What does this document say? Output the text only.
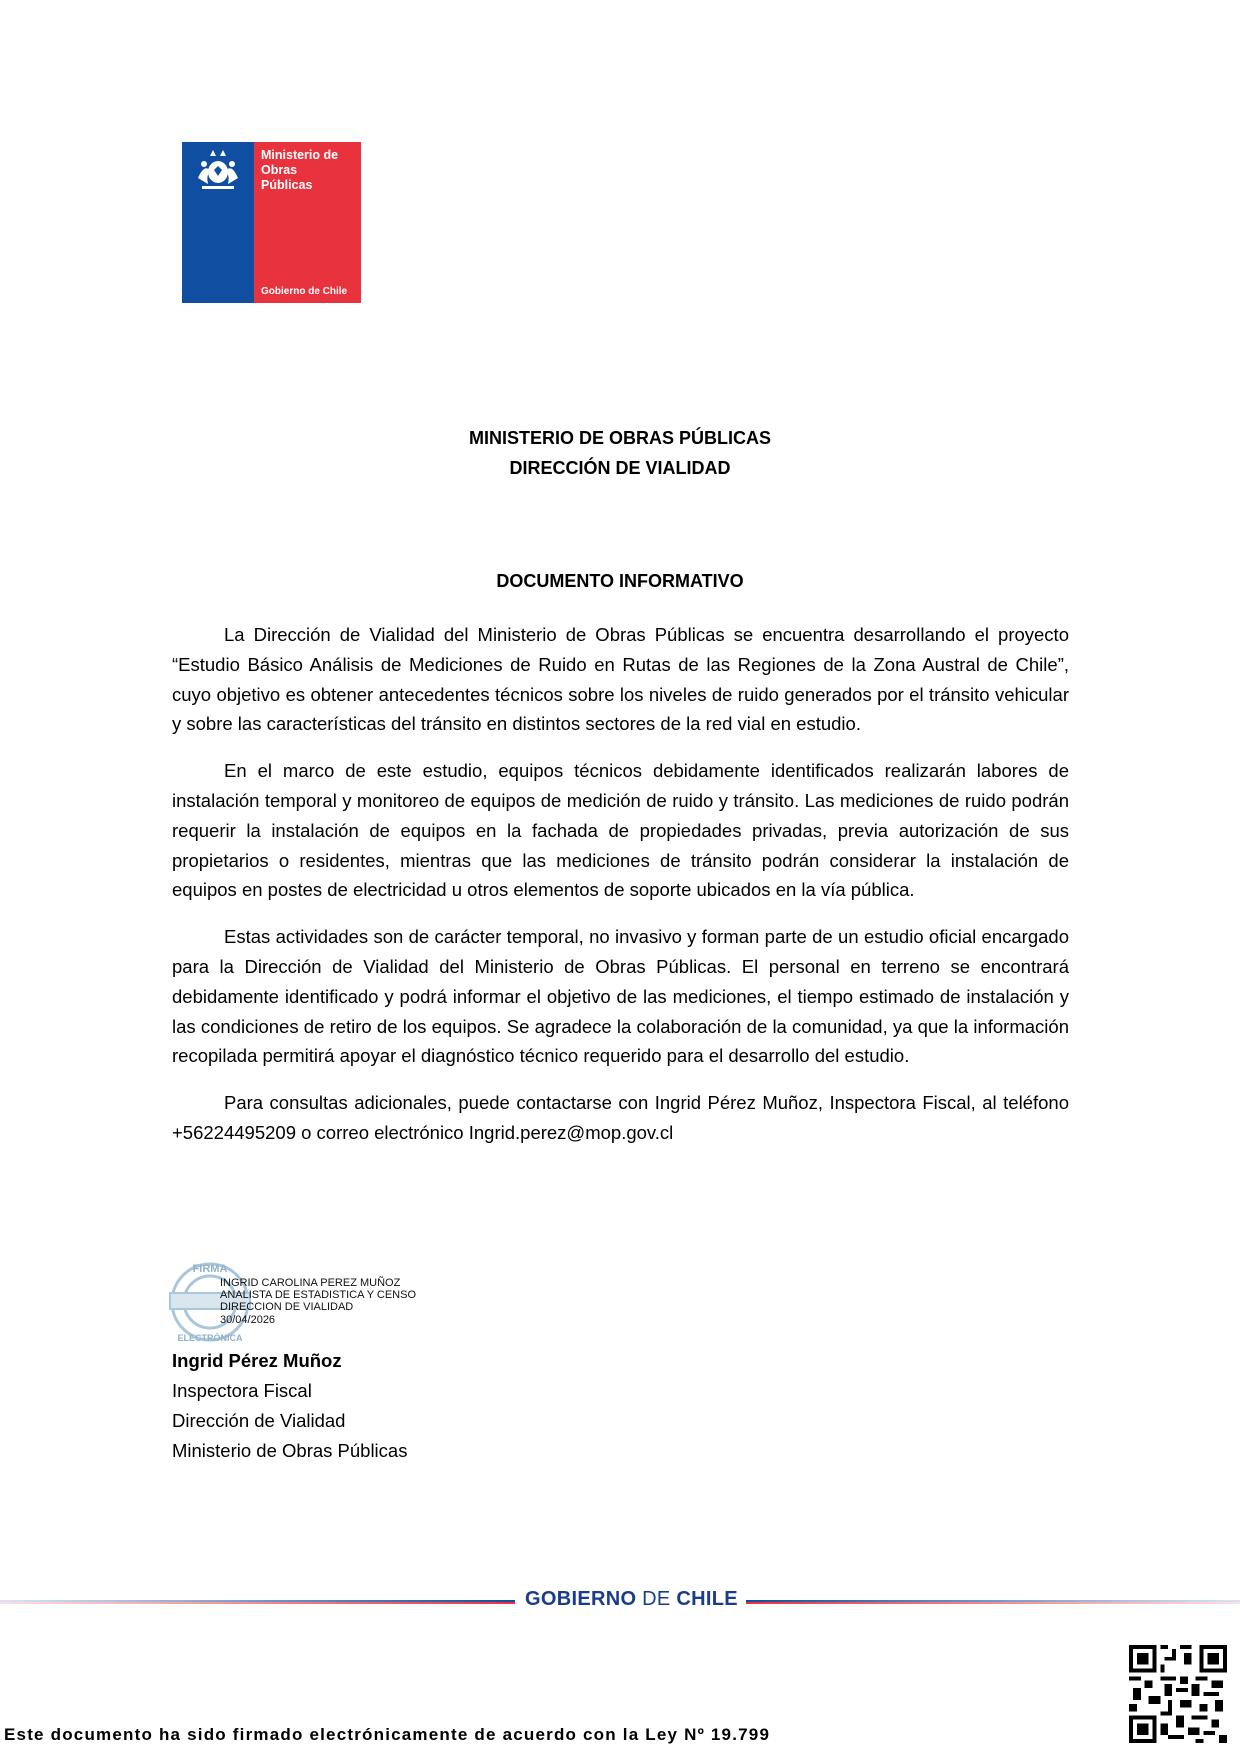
Ministerio de
Obras
Públicas
Gobierno de Chile
MINISTERIO DE OBRAS PÚBLICAS
DIRECCIÓN DE VIALIDAD
DOCUMENTO INFORMATIVO

La Dirección de Vialidad del Ministerio de Obras Públicas se encuentra desarrollando el proyecto “Estudio Básico Análisis de Mediciones de Ruido en Rutas de las Regiones de la Zona Austral de Chile”, cuyo objetivo es obtener antecedentes técnicos sobre los niveles de ruido generados por el tránsito vehicular y sobre las características del tránsito en distintos sectores de la red vial en estudio.

En el marco de este estudio, equipos técnicos debidamente identificados realizarán labores de instalación temporal y monitoreo de equipos de medición de ruido y tránsito. Las mediciones de ruido podrán requerir la instalación de equipos en la fachada de propiedades privadas, previa autorización de sus propietarios o residentes, mientras que las mediciones de tránsito podrán considerar la instalación de equipos en postes de electricidad u otros elementos de soporte ubicados en la vía pública.

Estas actividades son de carácter temporal, no invasivo y forman parte de un estudio oficial encargado para la Dirección de Vialidad del Ministerio de Obras Públicas. El personal en terreno se encontrará debidamente identificado y podrá informar el objetivo de las mediciones, el tiempo estimado de instalación y las condiciones de retiro de los equipos. Se agradece la colaboración de la comunidad, ya que la información recopilada permitirá apoyar el diagnóstico técnico requerido para el desarrollo del estudio.

Para consultas adicionales, puede contactarse con Ingrid Pérez Muñoz, Inspectora Fiscal, al teléfono +56224495209 o correo electrónico Ingrid.perez@mop.gov.cl

FIRMA
ELECTRÓNICA
INGRID CAROLINA PEREZ MUÑOZ
ANALISTA DE ESTADISTICA Y CENSO
DIRECCION DE VIALIDAD
30/04/2026
Ingrid Pérez Muñoz
Inspectora Fiscal
Dirección de Vialidad
Ministerio de Obras Públicas
GOBIERNO DE CHILE
Este documento ha sido firmado electrónicamente de acuerdo con la Ley Nº 19.799
